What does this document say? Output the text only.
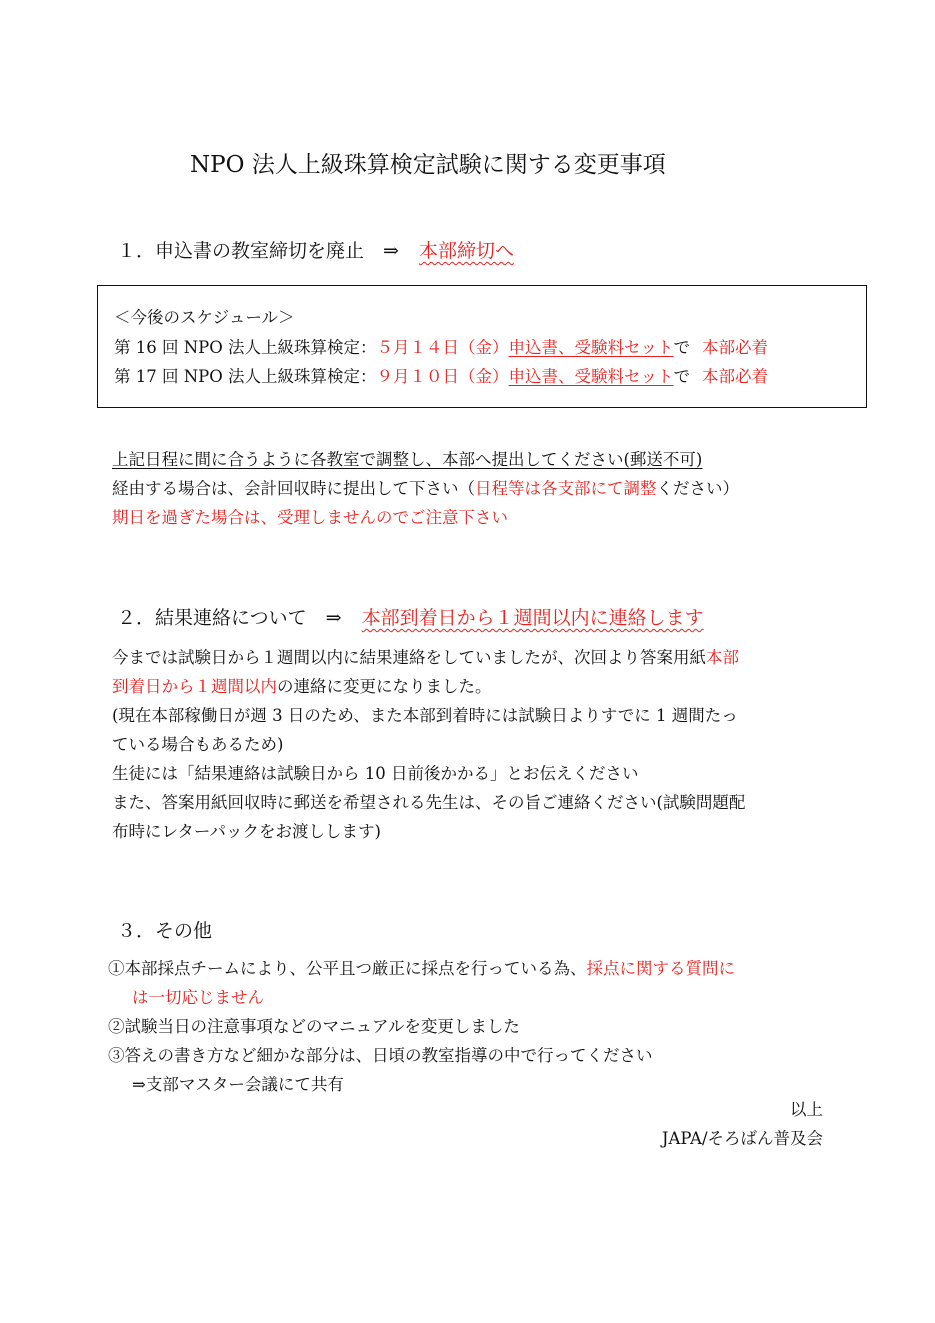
NPO 法人上級珠算検定試験に関する変更事項
１．申込書の教室締切を廃止　⇒ 本部締切へ
＜今後のスケジュール＞
第 16 回 NPO 法人上級珠算検定：５月１４日（金）申込書、受験料セットで 本部必着
第 17 回 NPO 法人上級珠算検定：９月１０日（金）申込書、受験料セットで 本部必着
上記日程に間に合うように各教室で調整し、本部へ提出してください(郵送不可)
経由する場合は、会計回収時に提出して下さい（日程等は各支部にて調整ください）
期日を過ぎた場合は、受理しませんのでご注意下さい
２．結果連絡について　⇒ 本部到着日から１週間以内に連絡します
今までは試験日から１週間以内に結果連絡をしていましたが、次回より答案用紙本部
到着日から１週間以内の連絡に変更になりました。
(現在本部稼働日が週 3 日のため、また本部到着時には試験日よりすでに 1 週間たっ
ている場合もあるため)
生徒には「結果連絡は試験日から 10 日前後かかる」とお伝えください
また、答案用紙回収時に郵送を希望される先生は、その旨ご連絡ください(試験問題配
布時にレターパックをお渡しします)
３．その他
①本部採点チームにより、公平且つ厳正に採点を行っている為、採点に関する質問に
は一切応じません
②試験当日の注意事項などのマニュアルを変更しました
③答えの書き方など細かな部分は、日頃の教室指導の中で行ってください
⇒支部マスター会議にて共有
以上
JAPA/そろばん普及会
